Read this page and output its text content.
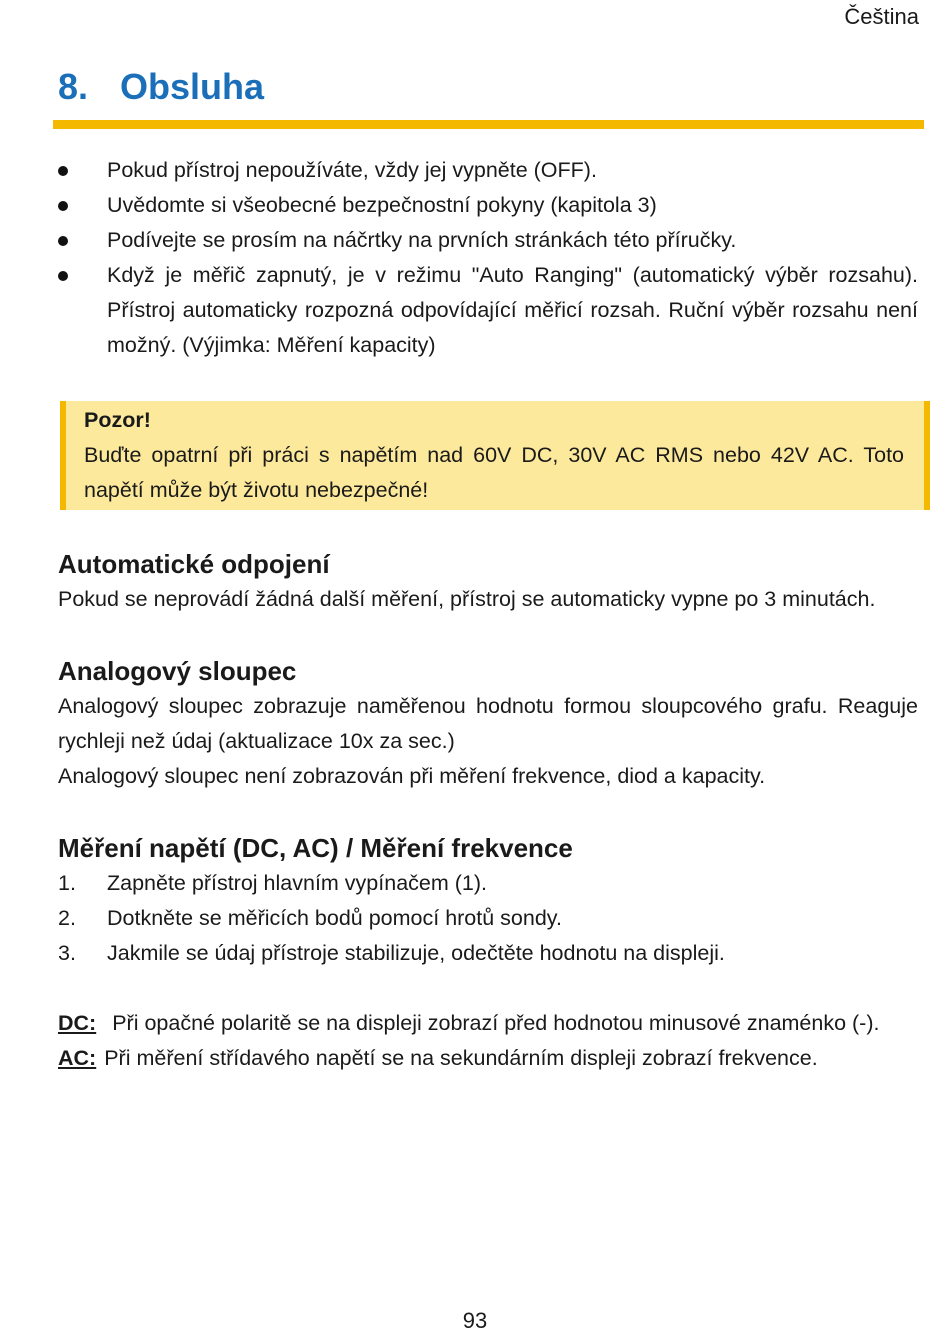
Čeština
8. Obsluha
Pokud přístroj nepoužíváte, vždy jej vypněte (OFF).
Uvědomte si všeobecné bezpečnostní pokyny (kapitola 3)
Podívejte se prosím na náčrtky na prvních stránkách této příručky.
Když je měřič zapnutý, je v režimu "Auto Ranging" (automatický výběr rozsahu). Přístroj automaticky rozpozná odpovídající měřicí rozsah. Ruční výběr rozsahu není možný. (Výjimka: Měření kapacity)
Pozor!
Buďte opatrní při práci s napětím nad 60V DC, 30V AC RMS nebo 42V AC. Toto napětí může být životu nebezpečné!
Automatické odpojení

Pokud se neprovádí žádná další měření, přístroj se automaticky vypne po 3 minutách.

Analogový sloupec

Analogový sloupec zobrazuje naměřenou hodnotu formou sloupcového grafu. Reaguje rychleji než údaj (aktualizace 10x za sec.)

Analogový sloupec není zobrazován při měření frekvence, diod a kapacity.

Měření napětí (DC, AC) / Měření frekvence
1. Zapněte přístroj hlavním vypínačem (1).
2. Dotkněte se měřicích bodů pomocí hrotů sondy.
3. Jakmile se údaj přístroje stabilizuje, odečtěte hodnotu na displeji.

DC: Při opačné polaritě se na displeji zobrazí před hodnotou minusové znaménko (-).

AC: Při měření střídavého napětí se na sekundárním displeji zobrazí frekvence.

93
